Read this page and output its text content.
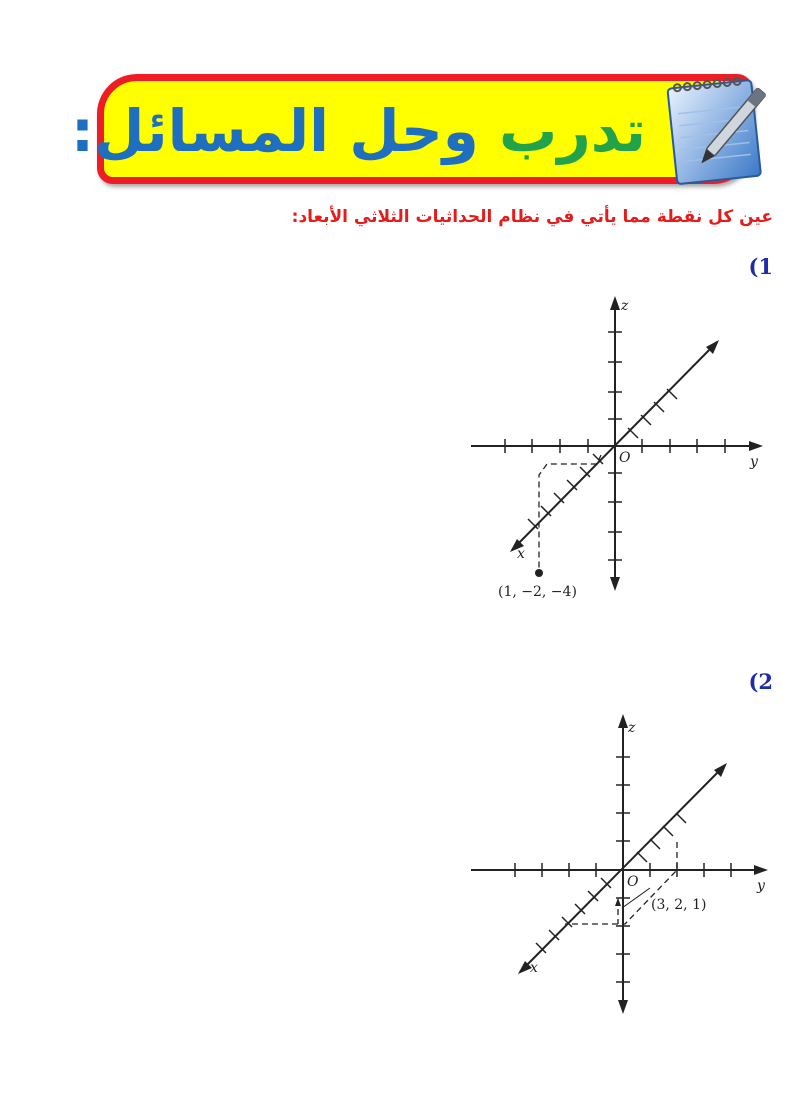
تدرب وحل المسائل:
عين كل نقطة مما يأتي في نظام الحداثيات الثلاثي الأبعاد:
(1
z
y
x
O
(1, −2, −4)
(2
z
y
x
O
(3, 2, 1)
